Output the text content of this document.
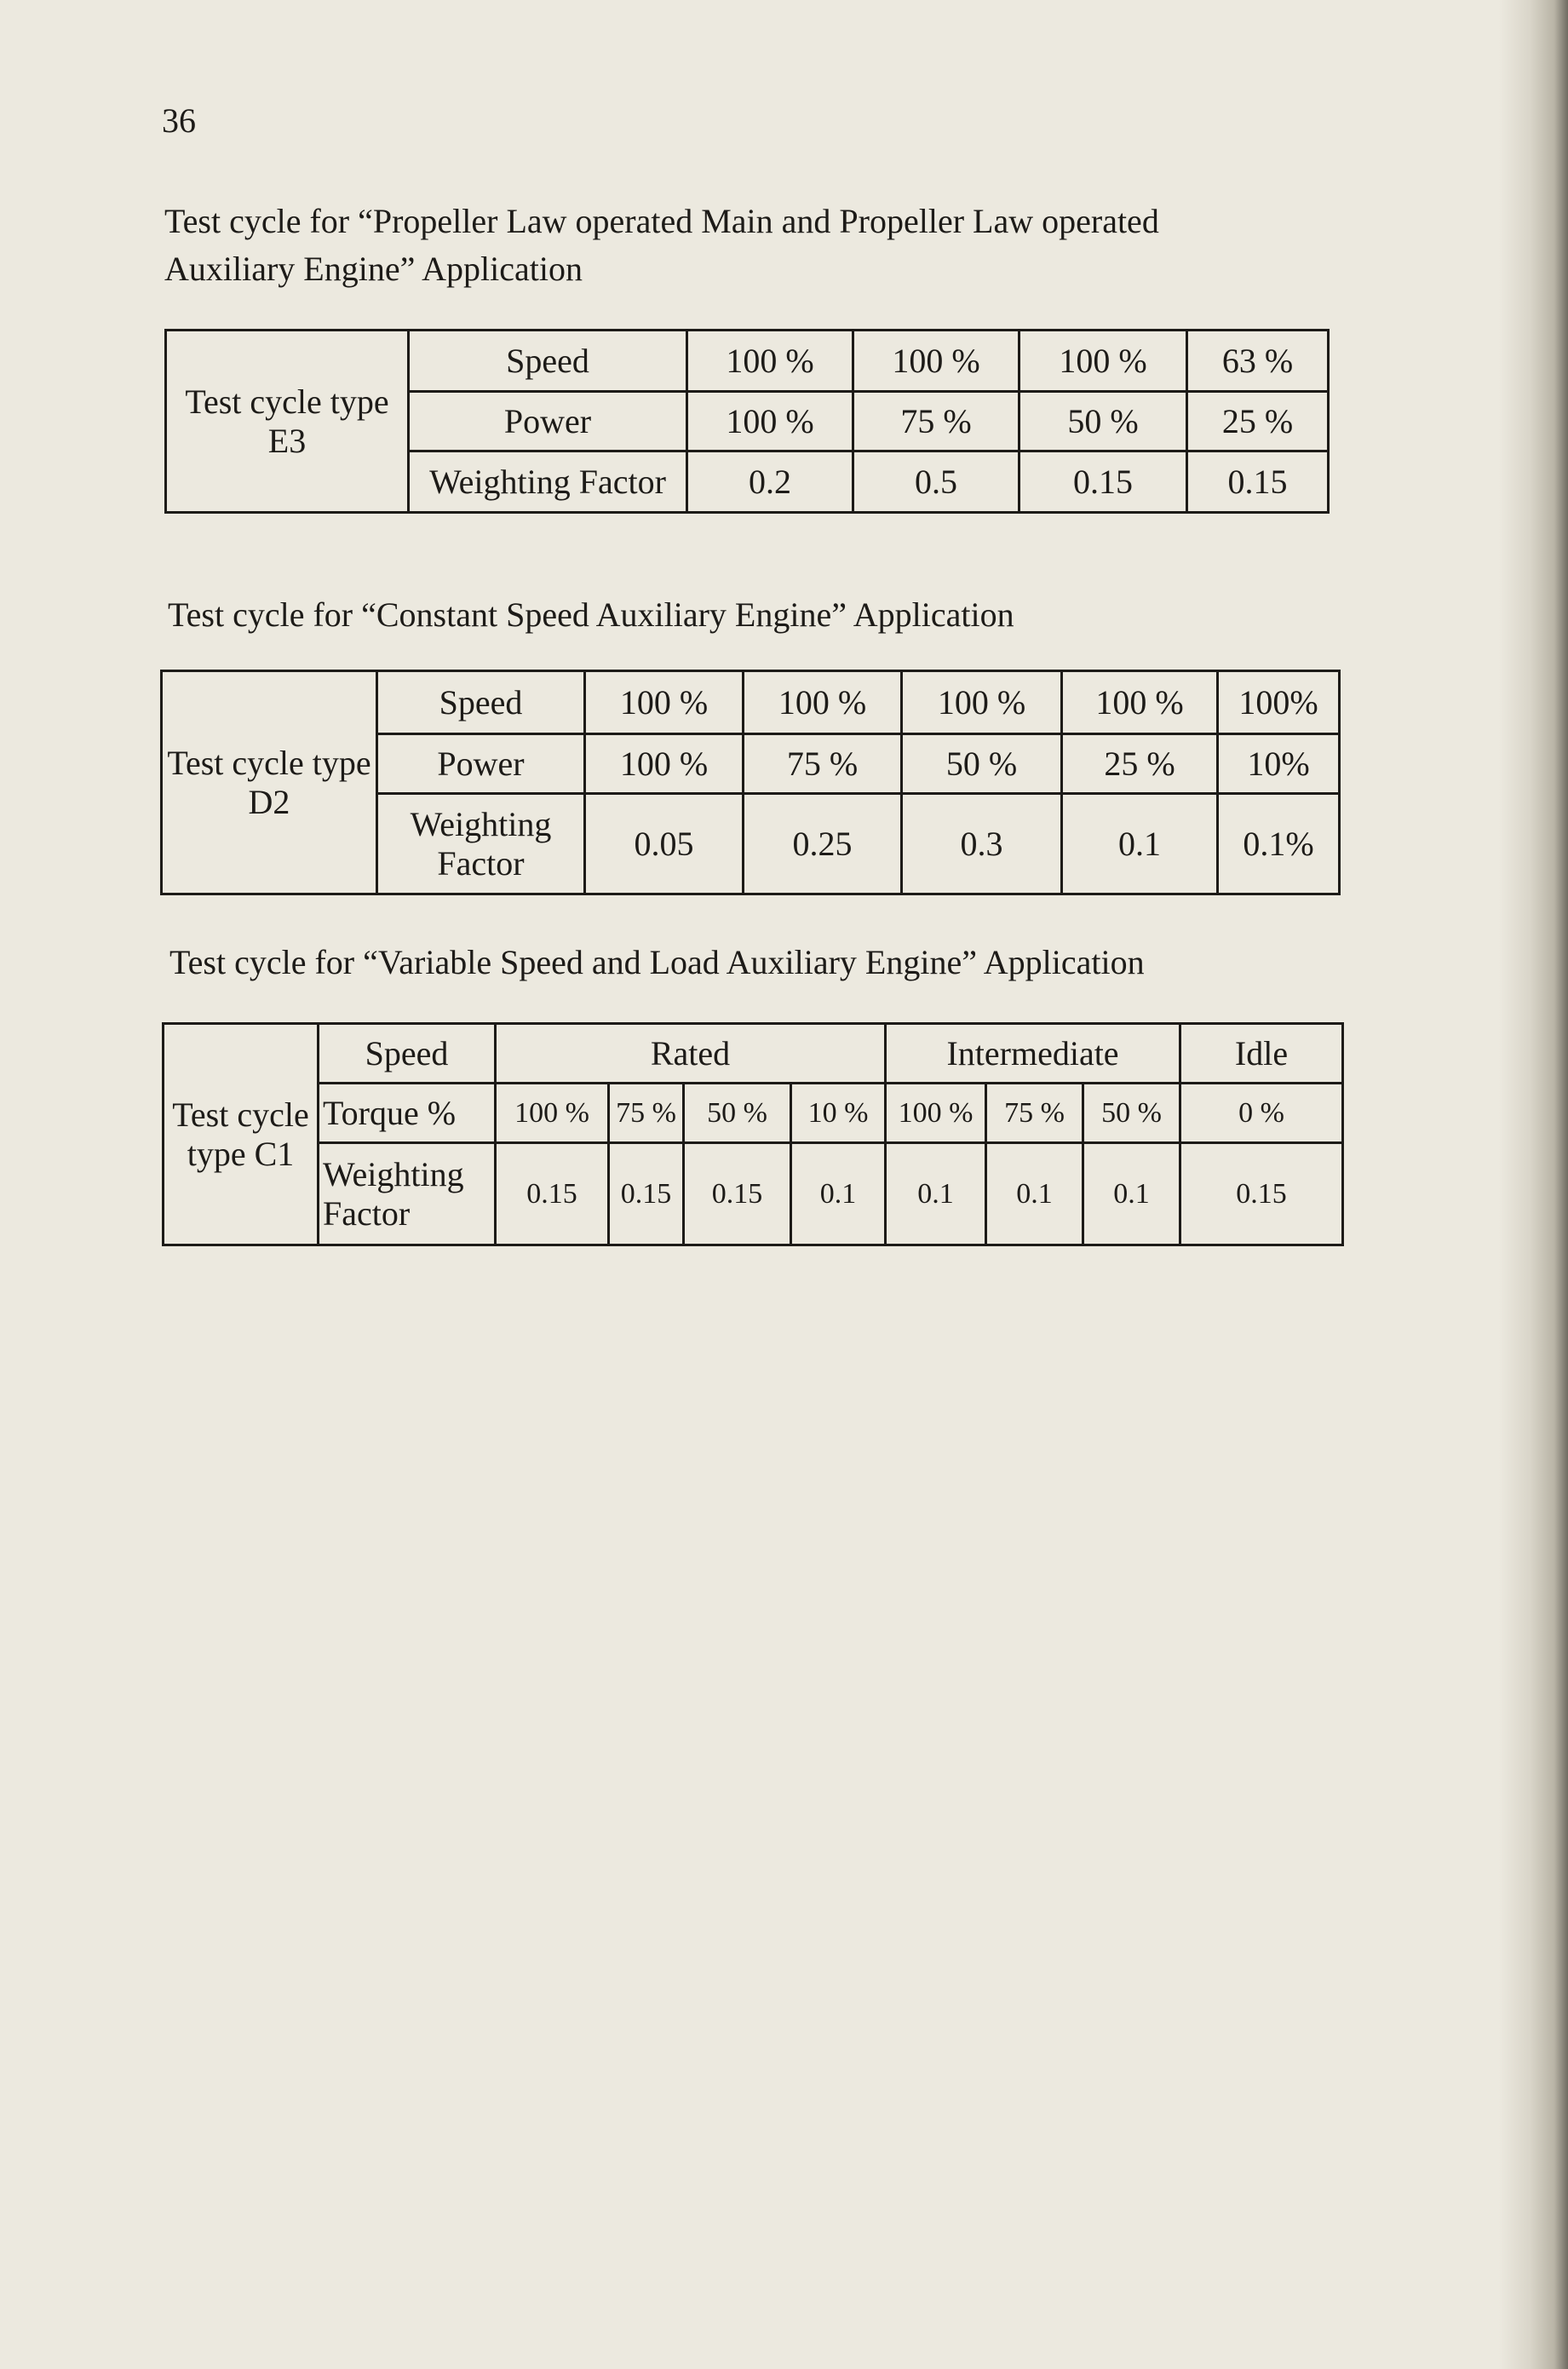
36
Test cycle for “Propeller Law operated Main and Propeller Law operated
Auxiliary Engine” Application
Test cycle type E3	Speed	100 %	100 %	100 %	63 %
	Power	100 %	75 %	50 %	25 %
	Weighting Factor	0.2	0.5	0.15	0.15
Test cycle for “Constant Speed Auxiliary Engine” Application
Test cycle type D2	Speed	100 %	100 %	100 %	100 %	100%
	Power	100 %	75 %	50 %	25 %	10%
	Weighting Factor	0.05	0.25	0.3	0.1	0.1%
Test cycle for “Variable Speed and Load Auxiliary Engine” Application
Test cycle type C1	Speed	Rated				Intermediate			Idle
	Torque %	100 %	75 %	50 %	10 %	100 %	75 %	50 %	0 %
	Weighting Factor	0.15	0.15	0.15	0.1	0.1	0.1	0.1	0.15
